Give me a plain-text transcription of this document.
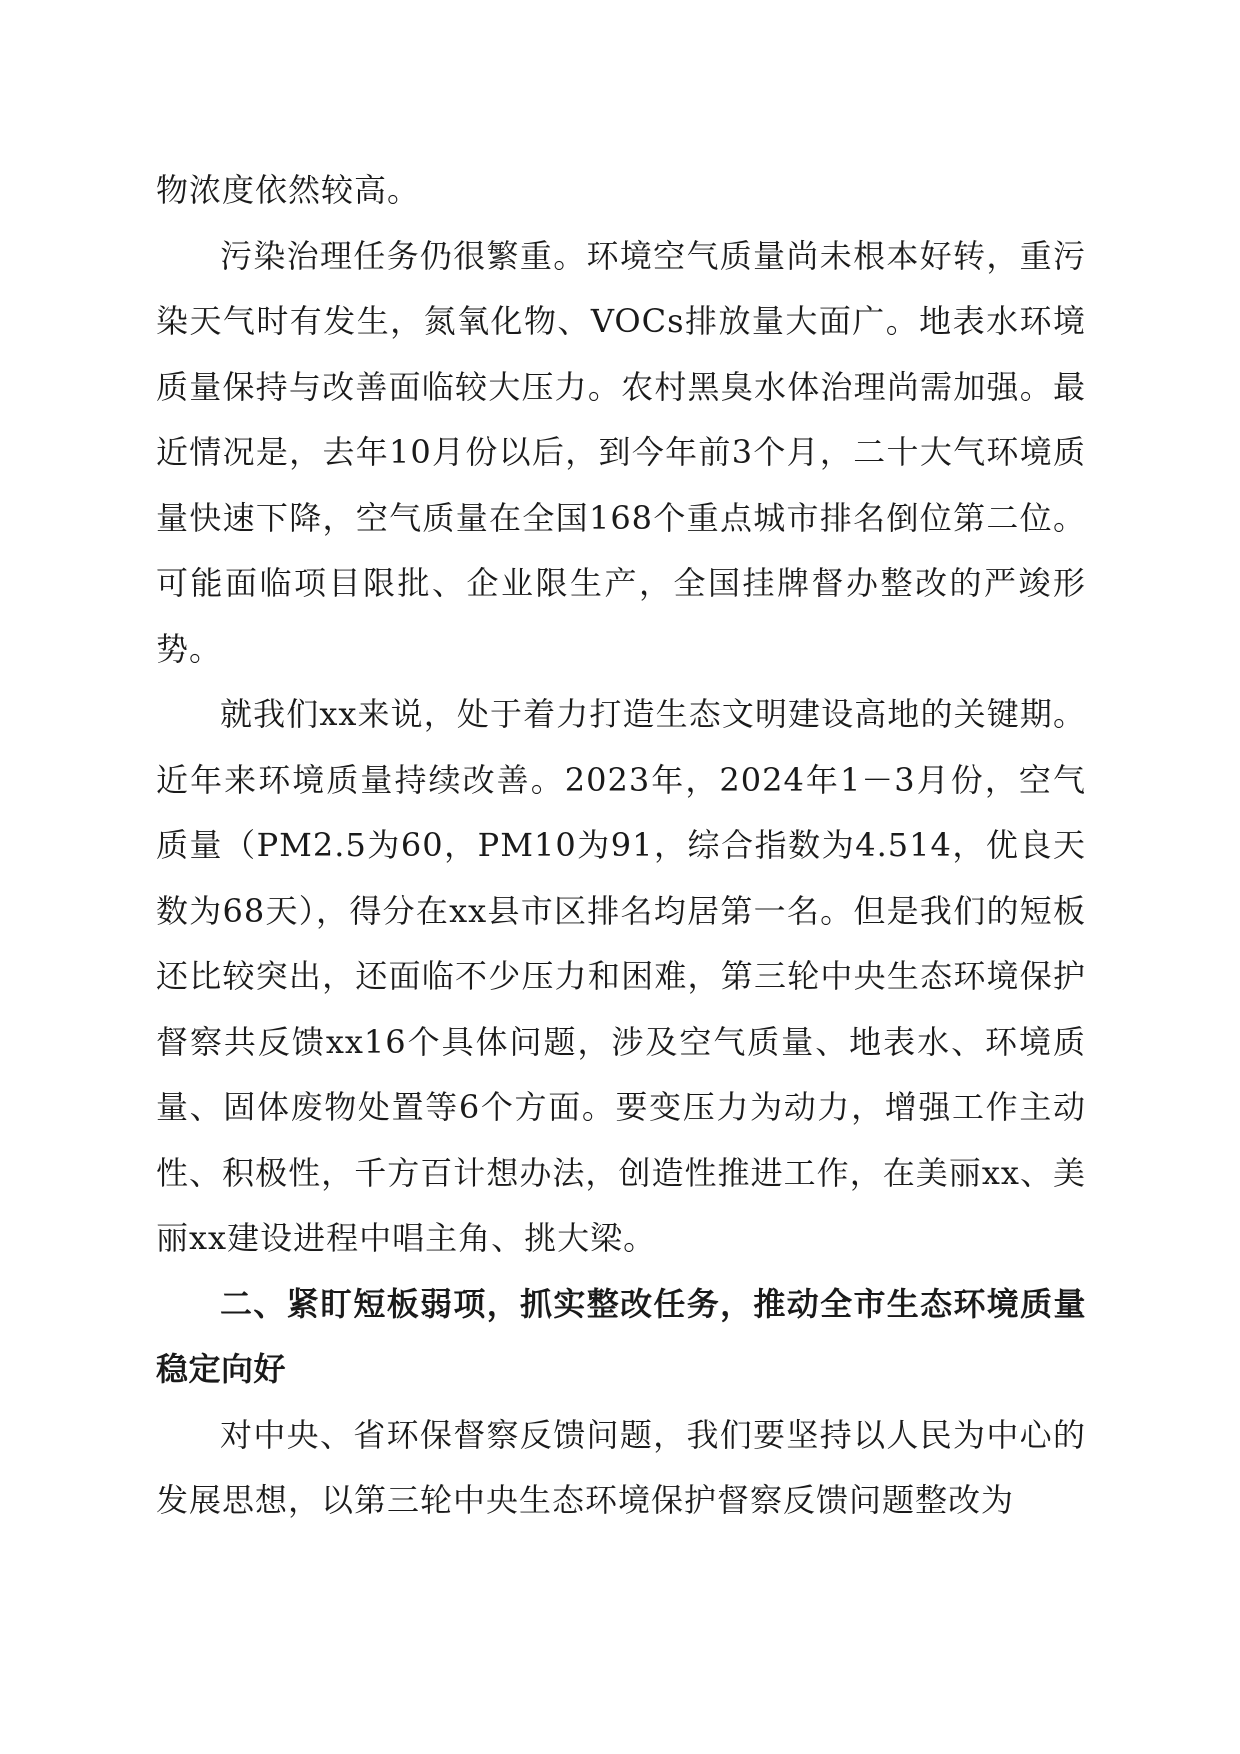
物浓度依然较高。

污染治理任务仍很繁重。环境空气质量尚未根本好转，重污染天气时有发生，氮氧化物、VOCs排放量大面广。地表水环境质量保持与改善面临较大压力。农村黑臭水体治理尚需加强。最近情况是，去年10月份以后，到今年前3个月，二十大气环境质量快速下降，空气质量在全国168个重点城市排名倒位第二位。可能面临项目限批、企业限生产，全国挂牌督办整改的严竣形势。

就我们xx来说，处于着力打造生态文明建设高地的关键期。近年来环境质量持续改善。2023年，2024年1－3月份，空气质量（PM2.5为60，PM10为91，综合指数为4.514，优良天数为68天），得分在xx县市区排名均居第一名。但是我们的短板还比较突出，还面临不少压力和困难，第三轮中央生态环境保护督察共反馈xx16个具体问题，涉及空气质量、地表水、环境质量、固体废物处置等6个方面。要变压力为动力，增强工作主动性、积极性，千方百计想办法，创造性推进工作，在美丽xx、美丽xx建设进程中唱主角、挑大梁。

二、紧盯短板弱项，抓实整改任务，推动全市生态环境质量稳定向好

对中央、省环保督察反馈问题，我们要坚持以人民为中心的发展思想，以第三轮中央生态环境保护督察反馈问题整改为
